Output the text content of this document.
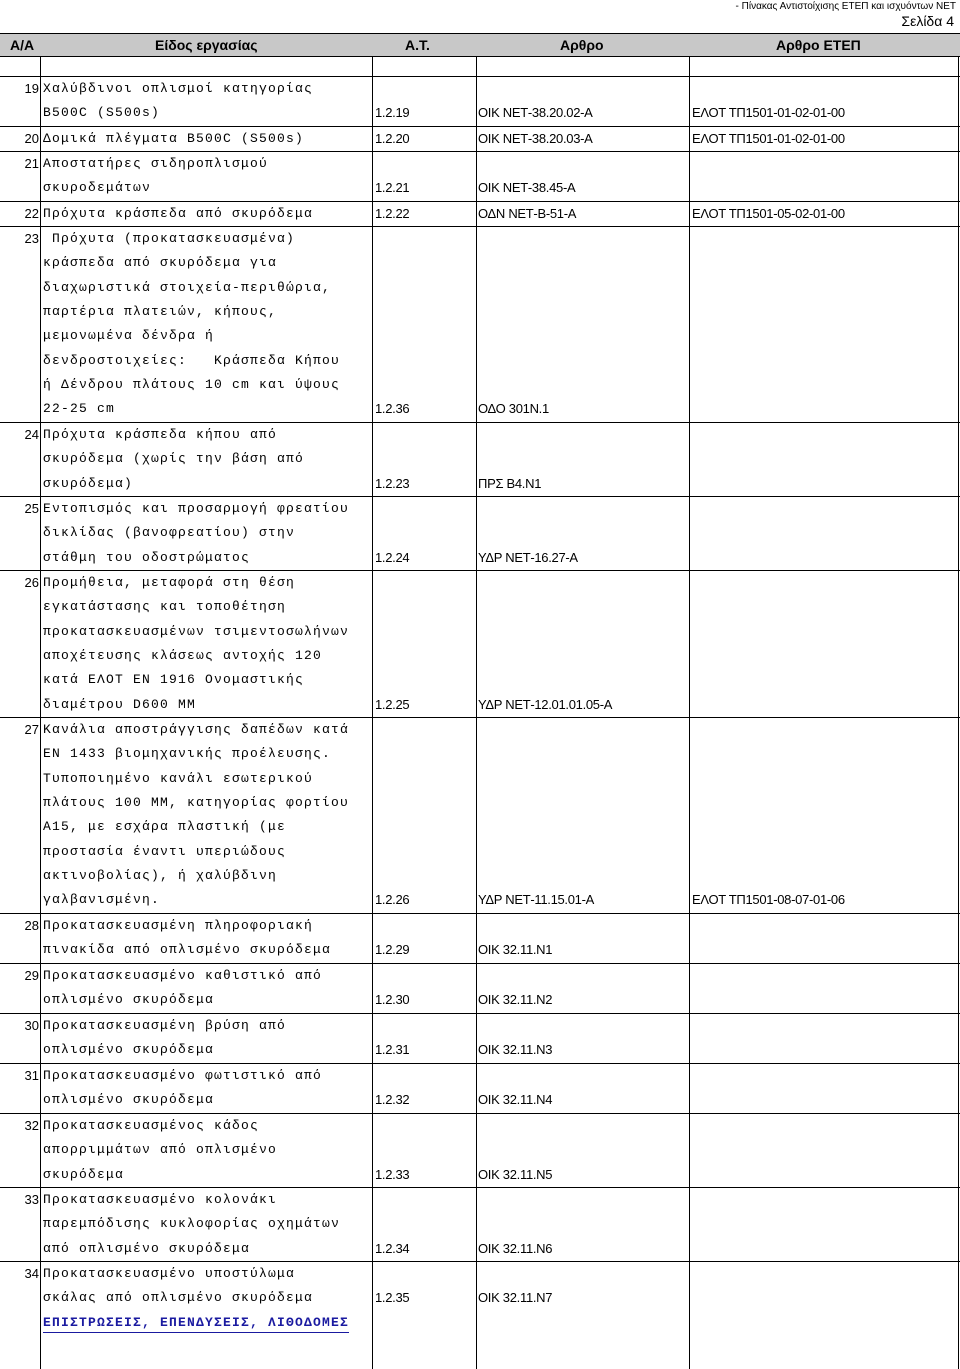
- Πίνακας Αντιστοίχισης ΕΤΕΠ και ισχυόντων ΝΕΤ
Σελίδα 4
Α/Α	Είδος εργασίας	Α.Τ.	Αρθρο	Αρθρο ΕΤΕΠ
19 Χαλύβδινοι οπλισμοί κατηγορίας
B500C (S500s)	1.2.19	ΟΙΚ ΝΕΤ-38.20.02-Α	ΕΛΟΤ ΤΠ1501-01-02-01-00
20 Δομικά πλέγματα B500C (S500s)	1.2.20	ΟΙΚ ΝΕΤ-38.20.03-Α	ΕΛΟΤ ΤΠ1501-01-02-01-00
21 Αποστατήρες σιδηροπλισμού
σκυροδεμάτων	1.2.21	ΟΙΚ ΝΕΤ-38.45-Α
22 Πρόχυτα κράσπεδα από σκυρόδεμα	1.2.22	ΟΔΝ ΝΕΤ-Β-51-Α	ΕΛΟΤ ΤΠ1501-05-02-01-00
23 Πρόχυτα (προκατασκευασμένα)
κράσπεδα από σκυρόδεμα για
διαχωριστικά στοιχεία-περιθώρια,
παρτέρια πλατειών, κήπους,
μεμονωμένα δένδρα ή
δενδροστοιχείες:   Κράσπεδα Κήπου
ή Δένδρου πλάτους 10 cm και ύψους
22-25 cm	1.2.36	ΟΔΟ 301Ν.1
24 Πρόχυτα κράσπεδα κήπου από
σκυρόδεμα (χωρίς την βάση από
σκυρόδεμα)	1.2.23	ΠΡΣ Β4.Ν1
25 Εντοπισμός και προσαρμογή φρεατίου
δικλίδας (βανοφρεατίου) στην
στάθμη του οδοστρώματος	1.2.24	ΥΔΡ ΝΕΤ-16.27-Α
26 Προμήθεια, μεταφορά στη θέση
εγκατάστασης και τοποθέτηση
προκατασκευασμένων τσιμεντοσωλήνων
αποχέτευσης κλάσεως αντοχής 120
κατά ΕΛΟΤ ΕΝ 1916 Ονομαστικής
διαμέτρου D600 ΜΜ	1.2.25	ΥΔΡ ΝΕΤ-12.01.01.05-Α
27 Κανάλια αποστράγγισης δαπέδων κατά
ΕΝ 1433 βιομηχανικής προέλευσης.
Τυποποιημένο κανάλι εσωτερικού
πλάτους 100 ΜΜ, κατηγορίας φορτίου
Α15, με εσχάρα πλαστική (με
προστασία έναντι υπεριώδους
ακτινοβολίας), ή χαλύβδινη
γαλβανισμένη.	1.2.26	ΥΔΡ ΝΕΤ-11.15.01-Α	ΕΛΟΤ ΤΠ1501-08-07-01-06
28 Προκατασκευασμένη πληροφοριακή
πινακίδα από οπλισμένο σκυρόδεμα	1.2.29	ΟΙΚ 32.11.Ν1
29 Προκατασκευασμένο καθιστικό από
οπλισμένο σκυρόδεμα	1.2.30	ΟΙΚ 32.11.Ν2
30 Προκατασκευασμένη βρύση από
οπλισμένο σκυρόδεμα	1.2.31	ΟΙΚ 32.11.Ν3
31 Προκατασκευασμένο φωτιστικό από
οπλισμένο σκυρόδεμα	1.2.32	ΟΙΚ 32.11.Ν4
32 Προκατασκευασμένος κάδος
απορριμμάτων από οπλισμένο
σκυρόδεμα	1.2.33	ΟΙΚ 32.11.Ν5
33 Προκατασκευασμένο κολονάκι
παρεμπόδισης κυκλοφορίας οχημάτων
από οπλισμένο σκυρόδεμα	1.2.34	ΟΙΚ 32.11.Ν6
34 Προκατασκευασμένο υποστύλωμα
σκάλας από οπλισμένο σκυρόδεμα	1.2.35	ΟΙΚ 32.11.Ν7
ΕΠΙΣΤΡΩΣΕΙΣ, ΕΠΕΝΔΥΣΕΙΣ, ΛΙΘΟΔΟΜΕΣ
